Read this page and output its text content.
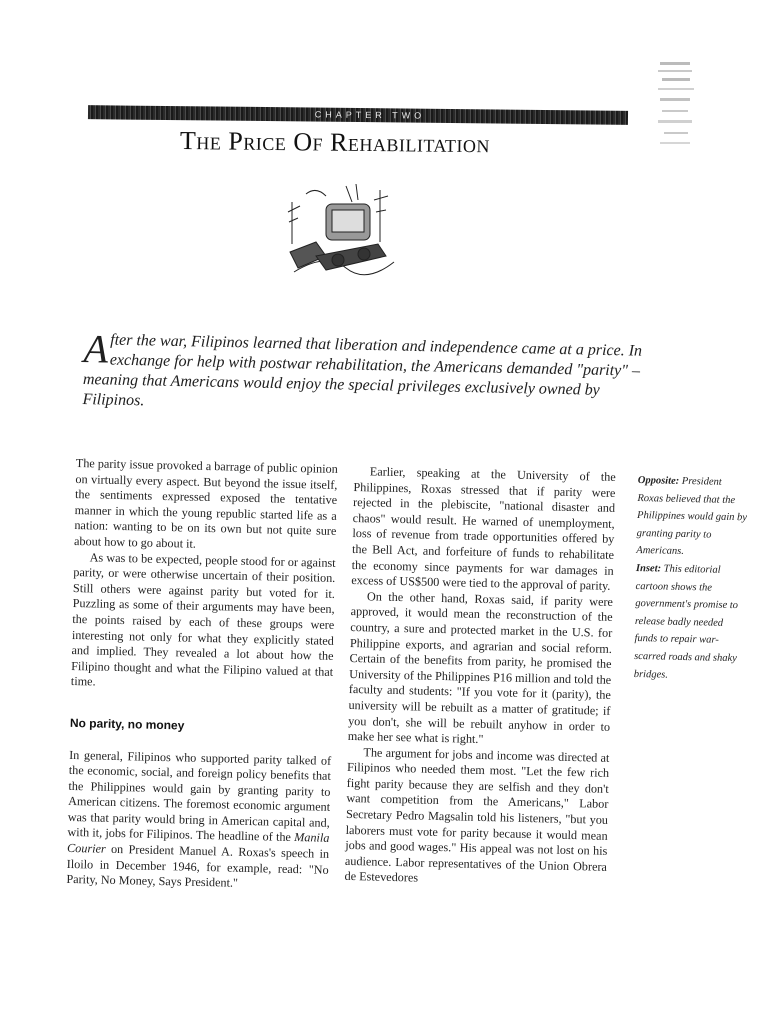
CHAPTER TWO
The Price Of Rehabilitation
After the war, Filipinos learned that liberation and independence came at a price. In exchange for help with postwar rehabilitation, the Americans demanded "parity" – meaning that Americans would enjoy the special privileges exclusively owned by Filipinos.

The parity issue provoked a barrage of public opinion on virtually every aspect. But beyond the issue itself, the sentiments expressed exposed the tentative manner in which the young republic started life as a nation: wanting to be on its own but not quite sure about how to go about it.

As was to be expected, people stood for or against parity, or were otherwise uncertain of their position. Still others were against parity but voted for it. Puzzling as some of their arguments may have been, the points raised by each of these groups were interesting not only for what they explicitly stated and implied. They revealed a lot about how the Filipino thought and what the Filipino valued at that time.

No parity, no money

In general, Filipinos who supported parity talked of the economic, social, and foreign policy benefits that the Philippines would gain by granting parity to American citizens. The foremost economic argument was that parity would bring in American capital and, with it, jobs for Filipinos. The headline of the Manila Courier on President Manuel A. Roxas's speech in Iloilo in December 1946, for example, read: "No Parity, No Money, Says President."

Earlier, speaking at the University of the Philippines, Roxas stressed that if parity were rejected in the plebiscite, "national disaster and chaos" would result. He warned of unemployment, loss of revenue from trade opportunities offered by the Bell Act, and forfeiture of funds to rehabilitate the economy since payments for war damages in excess of US$500 were tied to the approval of parity.

On the other hand, Roxas said, if parity were approved, it would mean the reconstruction of the country, a sure and protected market in the U.S. for Philippine exports, and agrarian and social reform. Certain of the benefits from parity, he promised the University of the Philippines P16 million and told the faculty and students: "If you vote for it (parity), the university will be rebuilt as a matter of gratitude; if you don't, she will be rebuilt anyhow in order to make her see what is right."

The argument for jobs and income was directed at Filipinos who needed them most. "Let the few rich fight parity because they are selfish and they don't want competition from the Americans," Labor Secretary Pedro Magsalin told his listeners, "but you laborers must vote for parity because it would mean jobs and good wages." His appeal was not lost on his audience. Labor representatives of the Union Obrera de Estevedores

Opposite: President Roxas believed that the Philippines would gain by granting parity to Americans.
Inset: This editorial cartoon shows the government's promise to release badly needed funds to repair war-scarred roads and shaky bridges.
